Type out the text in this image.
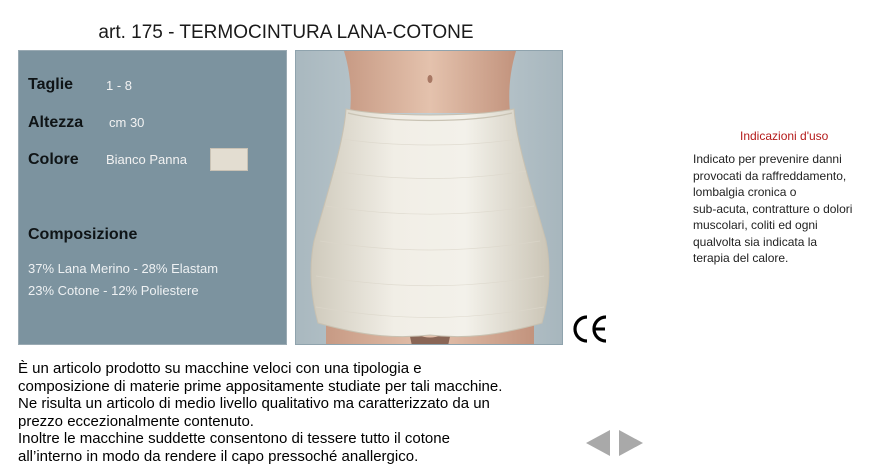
art. 175 - TERMOCINTURA LANA-COTONE
Taglie	1 - 8
Altezza cm 30
Colore Bianco Panna
Composizione
37% Lana Merino - 28% Elastam
23% Cotone - 12% Poliestere
Indicazioni d'uso
Indicato per prevenire danni
provocati da raffreddamento,
lombalgia cronica o
sub-acuta, contratture o dolori
muscolari, coliti ed ogni
qualvolta sia indicata la
terapia del calore.

È un articolo prodotto su macchine veloci con una tipologia e

composizione di materie prime appositamente studiate per tali macchine.

Ne risulta un articolo di medio livello qualitativo ma caratterizzato da un

prezzo eccezionalmente contenuto.

Inoltre le macchine suddette consentono di tessere tutto il cotone

all’interno in modo da rendere il capo pressoché anallergico.
